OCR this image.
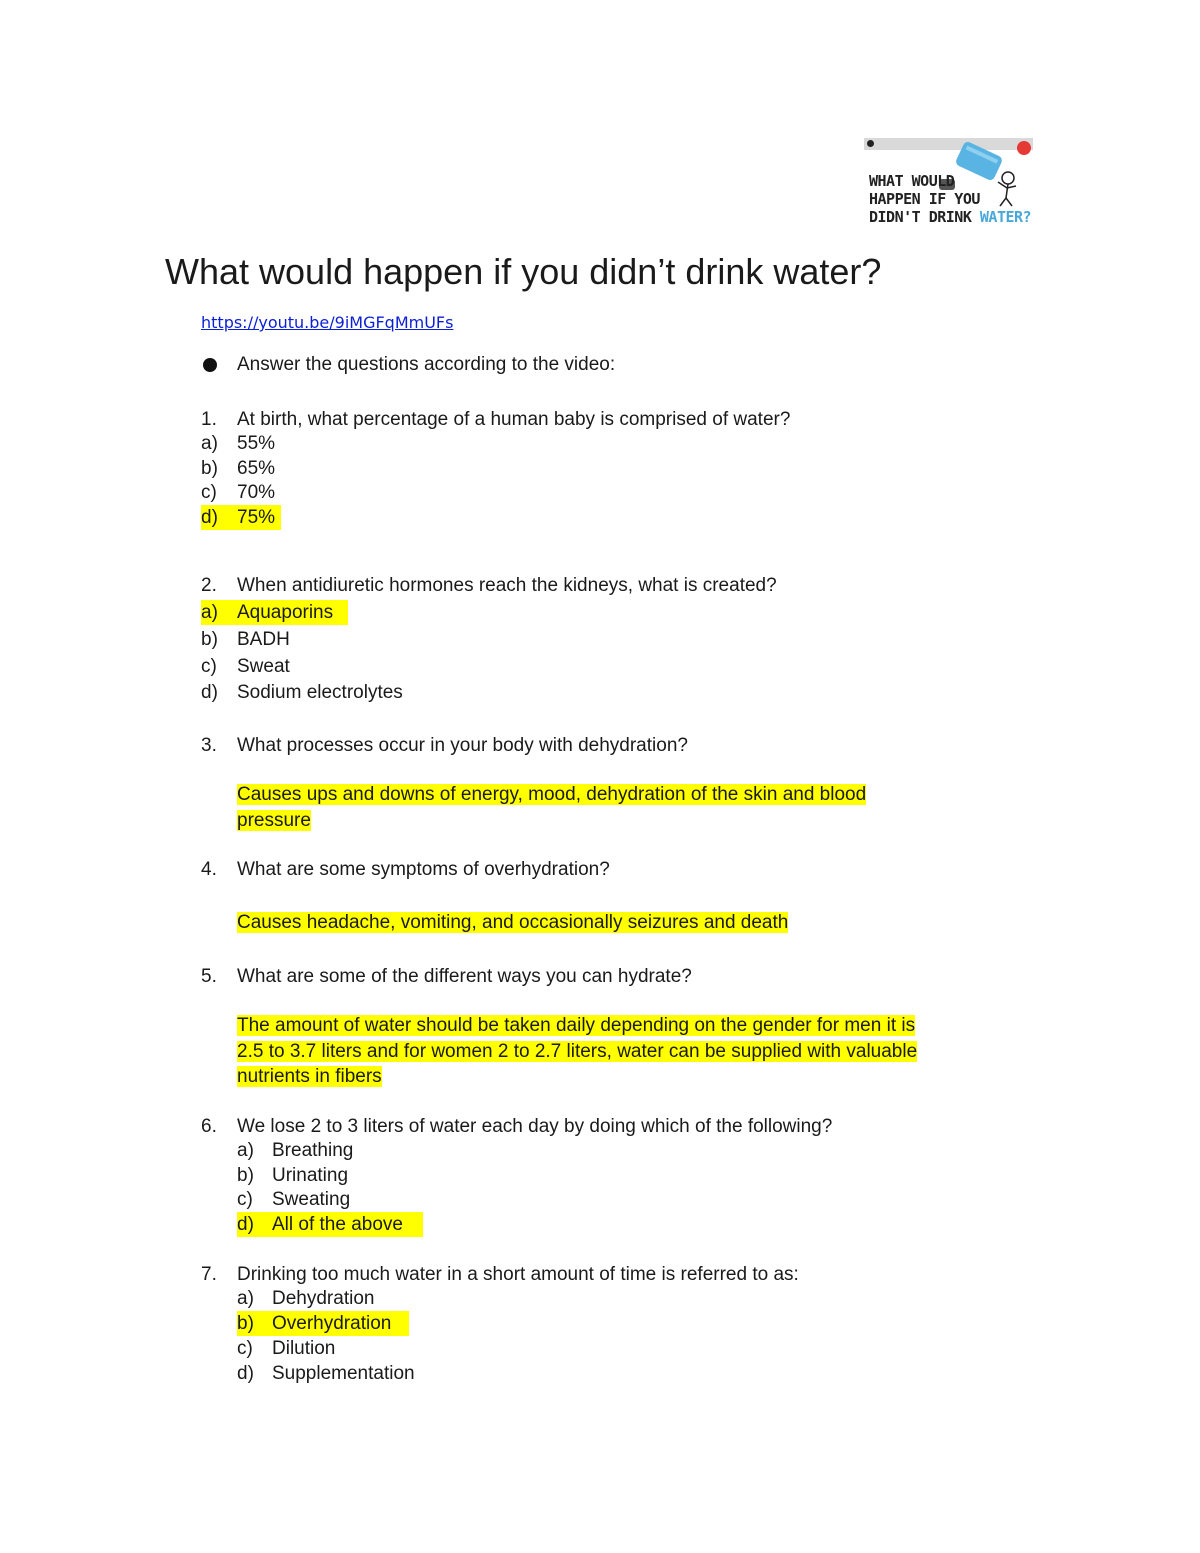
WHAT WOULD
HAPPEN IF YOU
DIDN'T DRINK WATER?
What would happen if you didn’t drink water?
https://youtu.be/9iMGFqMmUFs
Answer the questions according to the video:
1. At birth, what percentage of a human baby is comprised of water?
a) 55%
b) 65%
c) 70%
d) 75%
2. When antidiuretic hormones reach the kidneys, what is created?
a) Aquaporins
b) BADH
c) Sweat
d) Sodium electrolytes
3. What processes occur in your body with dehydration?
Causes ups and downs of energy, mood, dehydration of the skin and blood
pressure
4. What are some symptoms of overhydration?
Causes headache, vomiting, and occasionally seizures and death
5. What are some of the different ways you can hydrate?
The amount of water should be taken daily depending on the gender for men it is
2.5 to 3.7 liters and for women 2 to 2.7 liters, water can be supplied with valuable
nutrients in fibers
6. We lose 2 to 3 liters of water each day by doing which of the following?
a) Breathing
b) Urinating
c) Sweating
d) All of the above
7. Drinking too much water in a short amount of time is referred to as:
a) Dehydration
b) Overhydration
c) Dilution
d) Supplementation
